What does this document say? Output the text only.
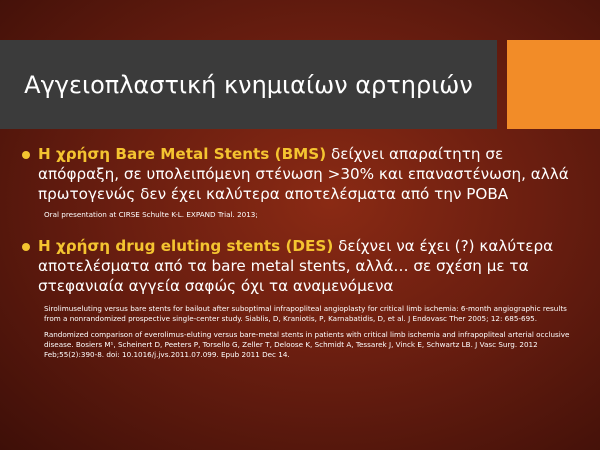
Αγγειοπλαστική κνημιαίων αρτηριών
Η χρήση Bare Metal Stents (BMS) δείχνει απαραίτητη σε απόφραξη, σε υπολειπόμενη στένωση >30% και επαναστένωση, αλλά πρωτογενώς δεν έχει καλύτερα αποτελέσματα από την POBA
Oral presentation at CIRSE Schulte K-L. EXPAND Trial. 2013;
Η χρήση drug eluting stents (DES) δείχνει να έχει (?) καλύτερα αποτελέσματα από τα bare metal stents, αλλά… σε σχέση με τα στεφανιαία αγγεία σαφώς όχι τα αναμενόμενα
Sirolimuseluting versus bare stents for bailout after suboptimal infrapopliteal angioplasty for critical limb ischemia: 6-month angiographic results from a nonrandomized prospective single-center study. Siablis, D, Kraniotis, P, Karnabatidis, D, et al. J Endovasc Ther 2005; 12: 685-695.
Randomized comparison of everolimus-eluting versus bare-metal stents in patients with critical limb ischemia and infrapopliteal arterial occlusive disease. Bosiers M¹, Scheinert D, Peeters P, Torsello G, Zeller T, Deloose K, Schmidt A, Tessarek J, Vinck E, Schwartz LB. J Vasc Surg. 2012 Feb;55(2):390-8. doi: 10.1016/j.jvs.2011.07.099. Epub 2011 Dec 14.
